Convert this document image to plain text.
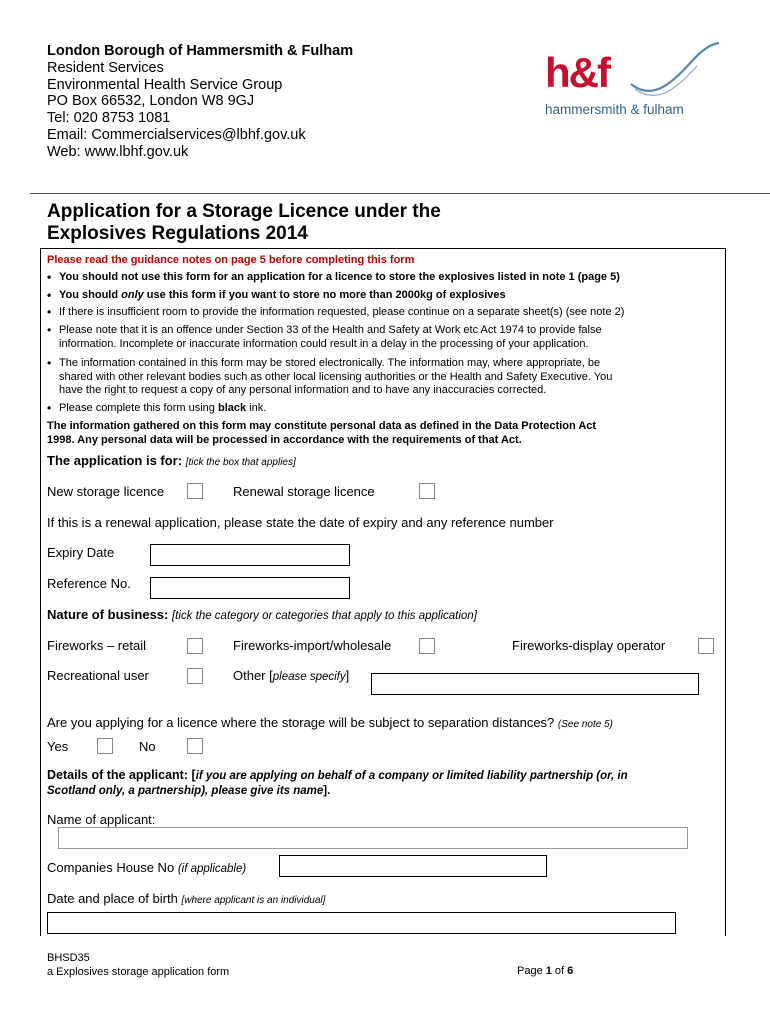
London Borough of Hammersmith & Fulham
Resident Services
Environmental Health Service Group
PO Box 66532, London W8 9GJ
Tel: 020 8753 1081
Email: Commercialservices@lbhf.gov.uk
Web: www.lbhf.gov.uk
h&f
hammersmith & fulham
Application for a Storage Licence under the
Explosives Regulations 2014
Please read the guidance notes on page 5 before completing this form
• You should not use this form for an application for a licence to store the explosives listed in note 1 (page 5)
• You should only use this form if you want to store no more than 2000kg of explosives
• If there is insufficient room to provide the information requested, please continue on a separate sheet(s) (see note 2)
• Please note that it is an offence under Section 33 of the Health and Safety at Work etc Act 1974 to provide false
information. Incomplete or inaccurate information could result in a delay in the processing of your application.
• The information contained in this form may be stored electronically. The information may, where appropriate, be
shared with other relevant bodies such as other local licensing authorities or the Health and Safety Executive. You
have the right to request a copy of any personal information and to have any inaccuracies corrected.
• Please complete this form using black ink.
The information gathered on this form may constitute personal data as defined in the Data Protection Act
1998. Any personal data will be processed in accordance with the requirements of that Act.
The application is for: [tick the box that applies]
New storage licence	Renewal storage licence
If this is a renewal application, please state the date of expiry and any reference number
Expiry Date
Reference No.
Nature of business: [tick the category or categories that apply to this application]
Fireworks – retail	Fireworks-import/wholesale	Fireworks-display operator
Recreational user	Other [please specify]
Are you applying for a licence where the storage will be subject to separation distances? (See note 5)
Yes	No
Details of the applicant: [if you are applying on behalf of a company or limited liability partnership (or, in
Scotland only, a partnership), please give its name].
Name of applicant:
Companies House No (if applicable)
Date and place of birth [where applicant is an individual]
BHSD35
a Explosives storage application form	Page 1 of 6
